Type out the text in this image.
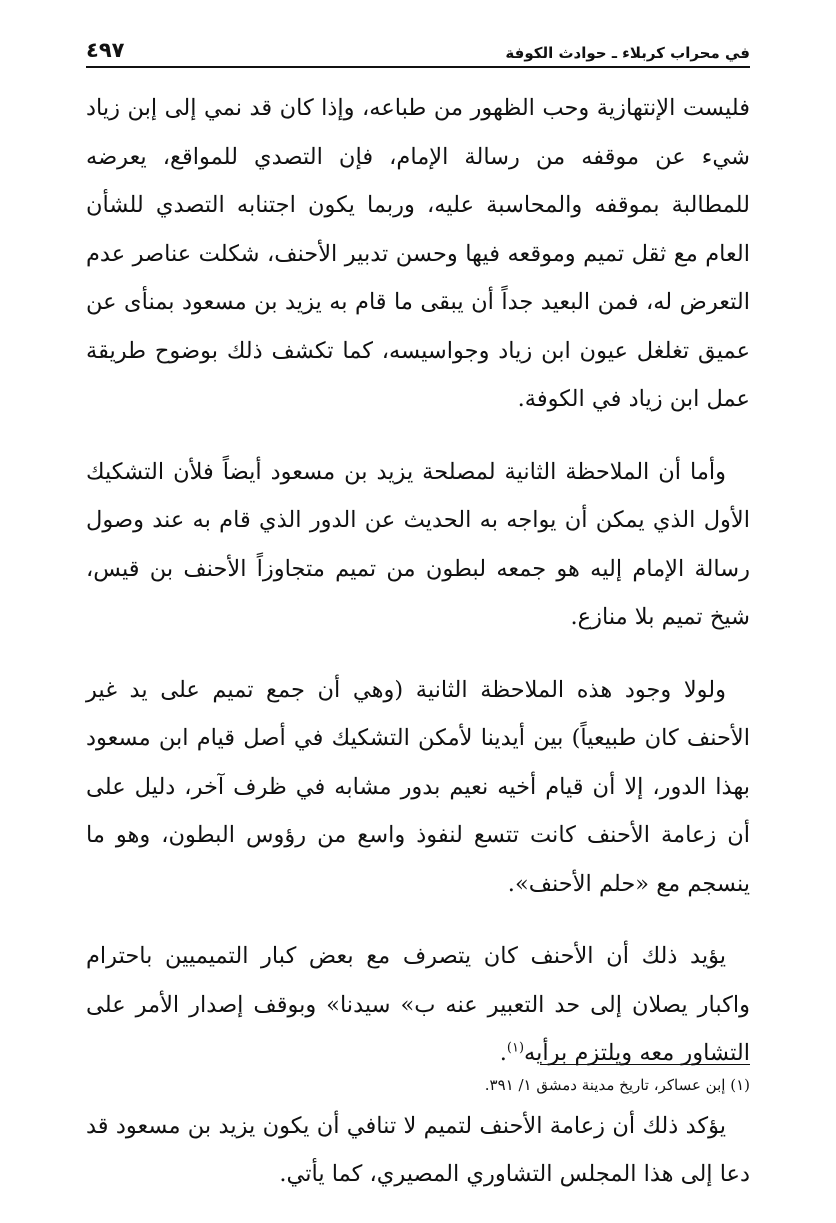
في محراب كربلاء ـ حوادث الكوفة
٤٩٧

فليست الإنتهازية وحب الظهور من طباعه، وإذا كان قد نمي إلى إبن زياد شيء عن موقفه من رسالة الإمام، فإن التصدي للمواقع، يعرضه للمطالبة بموقفه والمحاسبة عليه، وربما يكون اجتنابه التصدي للشأن العام مع ثقل تميم وموقعه فيها وحسن تدبير الأحنف، شكلت عناصر عدم التعرض له، فمن البعيد جداً أن يبقى ما قام به يزيد بن مسعود بمنأى عن عميق تغلغل عيون ابن زياد وجواسيسه، كما تكشف ذلك بوضوح طريقة عمل ابن زياد في الكوفة.

وأما أن الملاحظة الثانية لمصلحة يزيد بن مسعود أيضاً فلأن التشكيك الأول الذي يمكن أن يواجه به الحديث عن الدور الذي قام به عند وصول رسالة الإمام إليه هو جمعه لبطون من تميم متجاوزاً الأحنف بن قيس، شيخ تميم بلا منازع.

ولولا وجود هذه الملاحظة الثانية (وهي أن جمع تميم على يد غير الأحنف كان طبيعياً) بين أيدينا لأمكن التشكيك في أصل قيام ابن مسعود بهذا الدور، إلا أن قيام أخيه نعيم بدور مشابه في ظرف آخر، دليل على أن زعامة الأحنف كانت تتسع لنفوذ واسع من رؤوس البطون، وهو ما ينسجم مع «حلم الأحنف».

يؤيد ذلك أن الأحنف كان يتصرف مع بعض كبار التميميين باحترام واكبار يصلان إلى حد التعبير عنه ب» سيدنا» وبوقف إصدار الأمر على التشاور معه ويلتزم برأيه$^{(١)}$.

يؤكد ذلك أن زعامة الأحنف لتميم لا تنافي أن يكون يزيد بن مسعود قد دعا إلى هذا المجلس التشاوري المصيري، كما يأتي.

(١) إبن عساكر، تاريخ مدينة دمشق ١/ ٣٩١.
